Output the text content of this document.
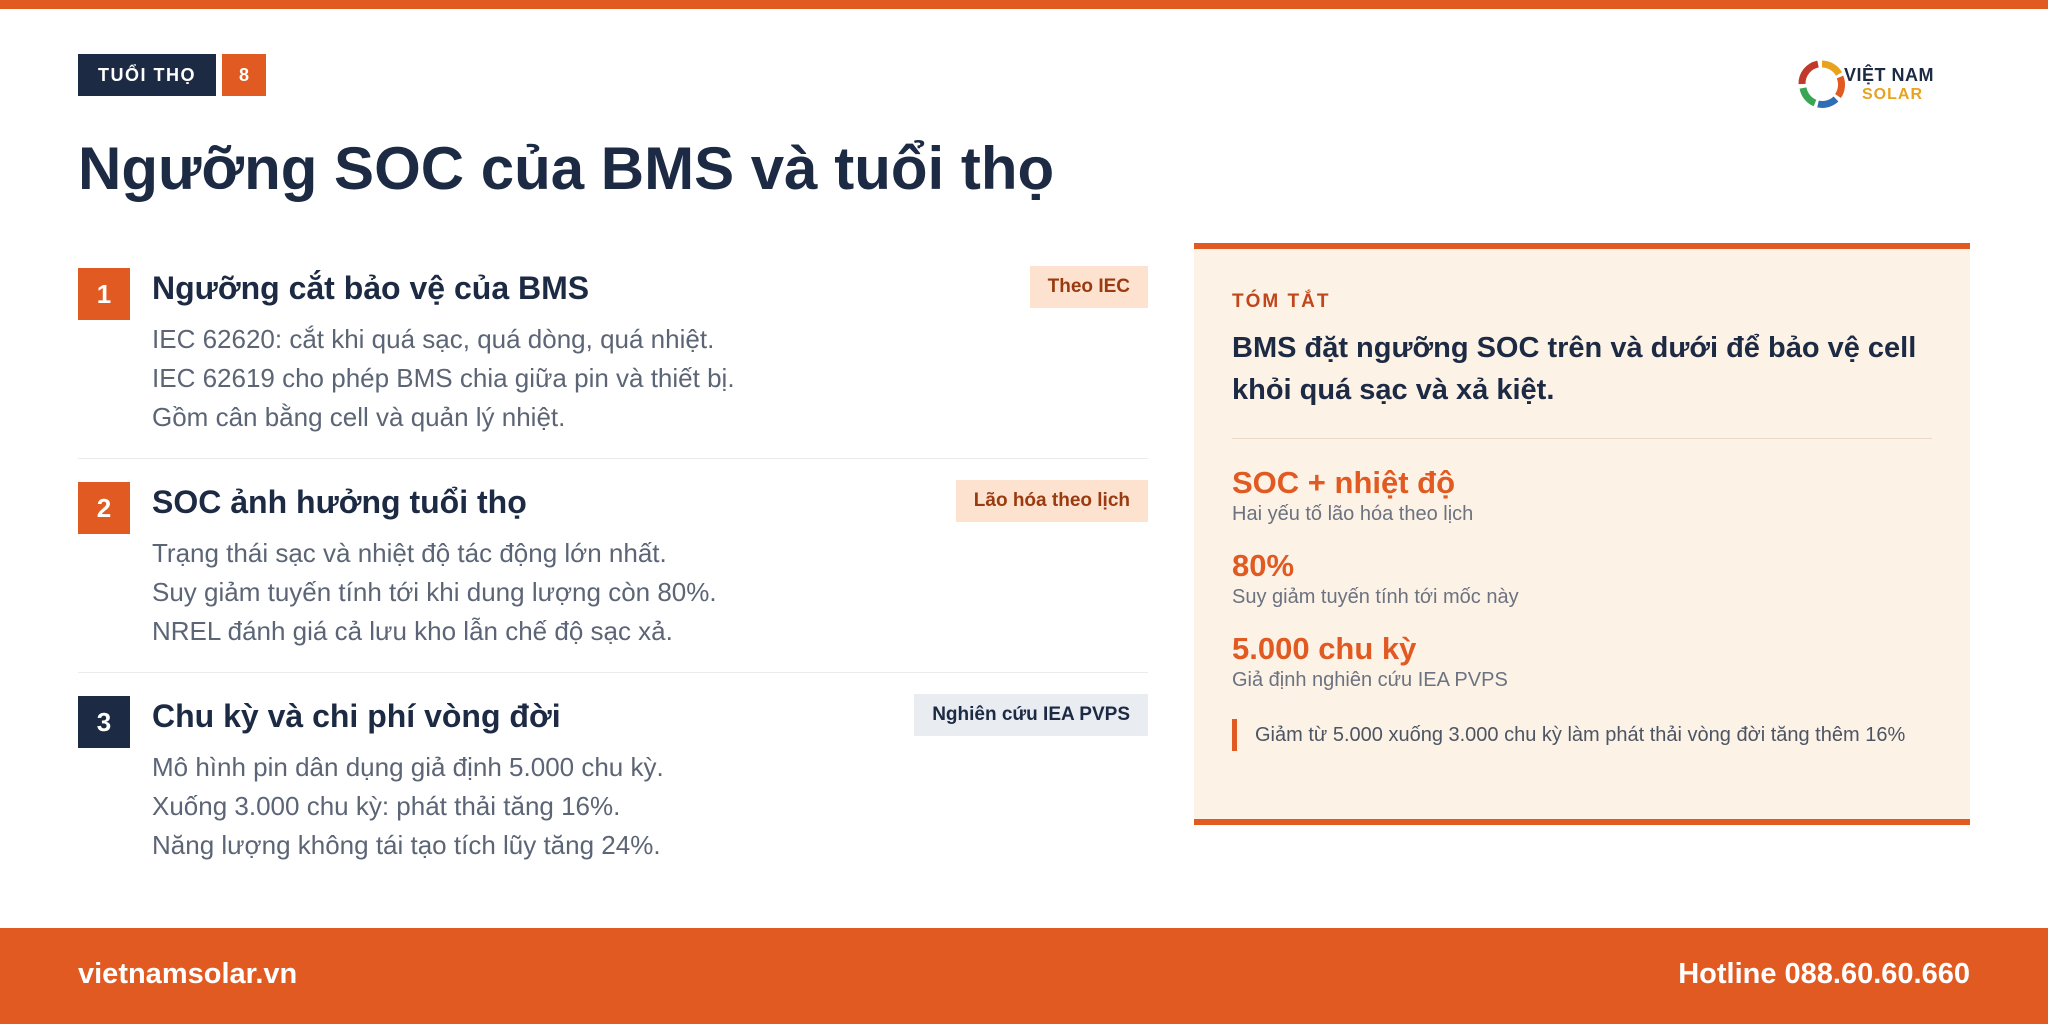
TUỔI THỌ	8	VIỆT NAM
SOLAR
Ngưỡng SOC của BMS và tuổi thọ
1	Ngưỡng cắt bảo vệ của BMS	Theo IEC
IEC 62620: cắt khi quá sạc, quá dòng, quá nhiệt.
IEC 62619 cho phép BMS chia giữa pin và thiết bị.
Gồm cân bằng cell và quản lý nhiệt.
2	SOC ảnh hưởng tuổi thọ	Lão hóa theo lịch
Trạng thái sạc và nhiệt độ tác động lớn nhất.
Suy giảm tuyến tính tới khi dung lượng còn 80%.
NREL đánh giá cả lưu kho lẫn chế độ sạc xả.
3	Chu kỳ và chi phí vòng đời	Nghiên cứu IEA PVPS
Mô hình pin dân dụng giả định 5.000 chu kỳ.
Xuống 3.000 chu kỳ: phát thải tăng 16%.
Năng lượng không tái tạo tích lũy tăng 24%.
TÓM TẮT
BMS đặt ngưỡng SOC trên và dưới để bảo vệ cell khỏi quá sạc và xả kiệt.
SOC + nhiệt độ
Hai yếu tố lão hóa theo lịch
80%
Suy giảm tuyến tính tới mốc này
5.000 chu kỳ
Giả định nghiên cứu IEA PVPS
Giảm từ 5.000 xuống 3.000 chu kỳ làm phát thải vòng đời tăng thêm 16%
vietnamsolar.vn	Hotline 088.60.60.660
